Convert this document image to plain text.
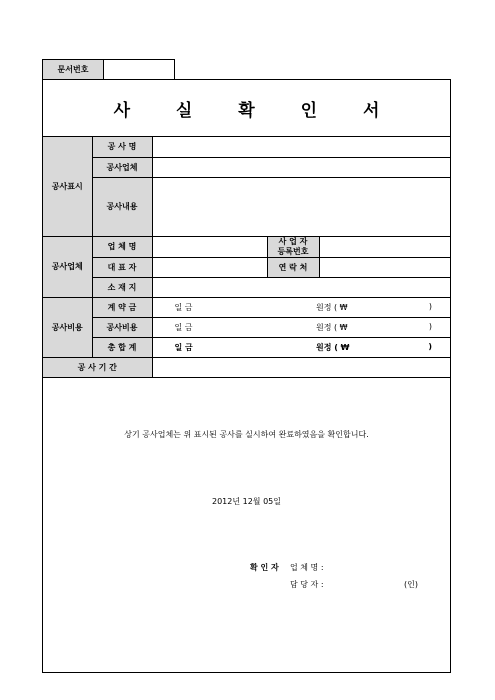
문서번호
사 실 확 인 서
공사표시	공 사 명			
	공사업체			
	공사내용			
공사업체	업 체 명		사 업 자
등록번호	

	대 표 자		연 락 처	
	소 재 지			
공사비용	계 약 금	일 금 원정 ( ₩ )		

	공사비용	일 금 원정 ( ₩ )		

	총 합 계	일 금 원정 ( ₩ )		

공 사 기 간				
상기 공사업체는 위 표시된 공사를 실시하여 완료하였음을 확인합니다.
2012년 12월 05일
확 인 자 업 체 명 :
담 당 자 :	(인)
